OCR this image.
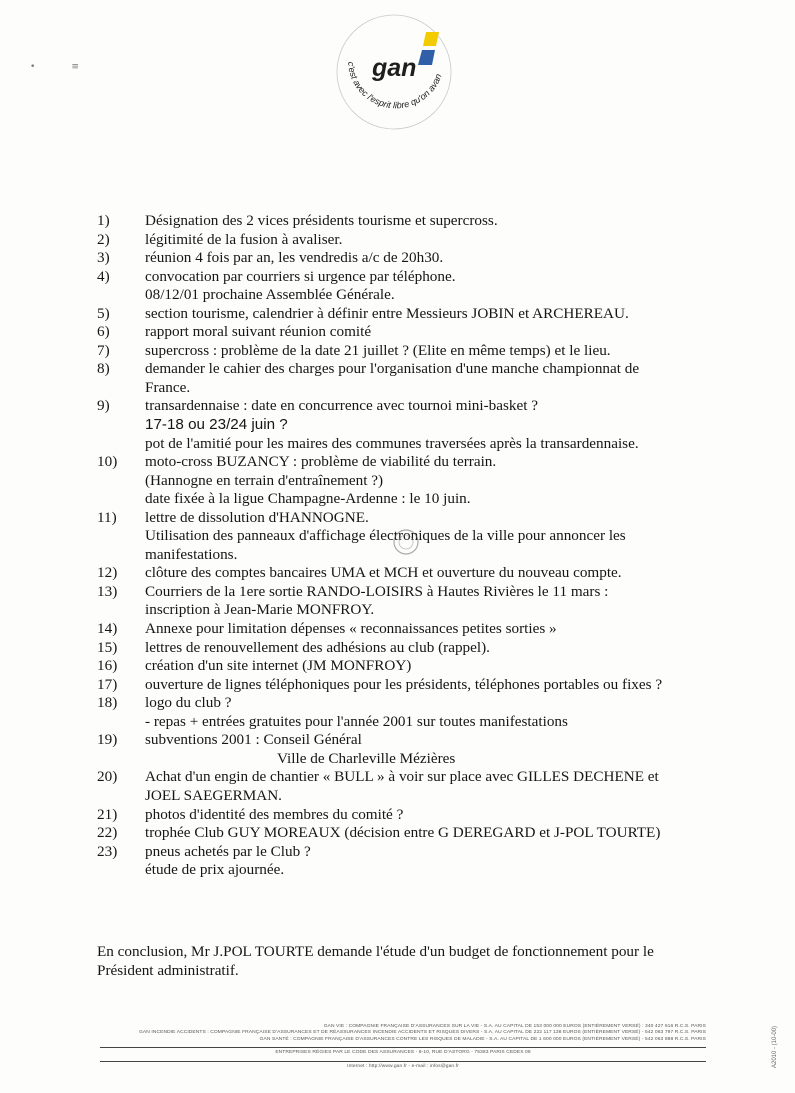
•	≡	gan
c'est avec l'esprit libre qu'on avan
1)	Désignation des 2 vices présidents tourisme et supercross.
2)	légitimité de la fusion à avaliser.
3)	réunion 4 fois par an, les vendredis a/c de 20h30.
4)	convocation par courriers si urgence par téléphone.
08/12/01 prochaine Assemblée Générale.
5)	section tourisme, calendrier à définir entre Messieurs JOBIN et ARCHEREAU.
6)	rapport moral suivant réunion comité
7)	supercross : problème de la date 21 juillet ? (Elite en même temps) et le lieu.
8)	demander le cahier des charges pour l'organisation d'une manche championnat de
France.
9)	transardennaise : date en concurrence avec tournoi mini-basket ?
17-18 ou 23/24 juin ?
pot de l'amitié pour les maires des communes traversées après la transardennaise.
10)	moto-cross BUZANCY : problème de viabilité du terrain.
(Hannogne en terrain d'entraînement ?)
date fixée à la ligue Champagne-Ardenne : le 10 juin.
11)	lettre de dissolution d'HANNOGNE.
Utilisation des panneaux d'affichage électroniques de la ville pour annoncer les
manifestations.
12)	clôture des comptes bancaires UMA et MCH et ouverture du nouveau compte.
13)	Courriers de la 1ere sortie RANDO-LOISIRS à Hautes Rivières le 11 mars :
inscription à Jean-Marie MONFROY.
14)	Annexe pour limitation dépenses « reconnaissances petites sorties »
15)	lettres de renouvellement des adhésions au club (rappel).
16)	création d'un site internet (JM MONFROY)
17)	ouverture de lignes téléphoniques pour les présidents, téléphones portables ou fixes ?
18)	logo du club ?
- repas + entrées gratuites pour l'année 2001 sur toutes manifestations
19)	subventions 2001 : Conseil Général
Ville de Charleville Mézières
20)	Achat d'un engin de chantier « BULL » à voir sur place avec GILLES DECHENE et
JOEL SAEGERMAN.
21)	photos d'identité des membres du comité ?
22)	trophée Club GUY MOREAUX (décision entre G DEREGARD et J-POL TOURTE)
23)	pneus achetés par le Club ?
étude de prix ajournée.
En conclusion, Mr J.POL TOURTE demande l'étude d'un budget de fonctionnement pour le Président administratif.
GAN VIE : COMPAGNIE FRANÇAISE D'ASSURANCES SUR LA VIE - S.A. AU CAPITAL DE 153 000 000 EUROS (ENTIÈREMENT VERSÉ) : 340 427 616 R.C.S. PARIS
GAN INCENDIE ACCIDENTS : COMPAGNIE FRANÇAISE D'ASSURANCES ET DE RÉASSURANCES INCENDIE ACCIDENTS ET RISQUES DIVERS - S.A. AU CAPITAL DE 222 117 138 EUROS (ENTIÈREMENT VERSÉ) - 542 063 797 R.C.S. PARIS
GAN SANTÉ : COMPAGNIE FRANÇAISE D'ASSURANCES CONTRE LES RISQUES DE MALADIE - S.A. AU CAPITAL DE 1 600 000 EUROS (ENTIÈREMENT VERSÉ) - 542 063 888 R.C.S. PARIS
ENTREPRISES RÉGIES PAR LE CODE DES ASSURANCES - 8-10, RUE D'ASTORG - 75383 PARIS CEDEX 08
Internet : http://www.gan.fr - e-mail : infos@gan.fr	A2010 - (10-00)
